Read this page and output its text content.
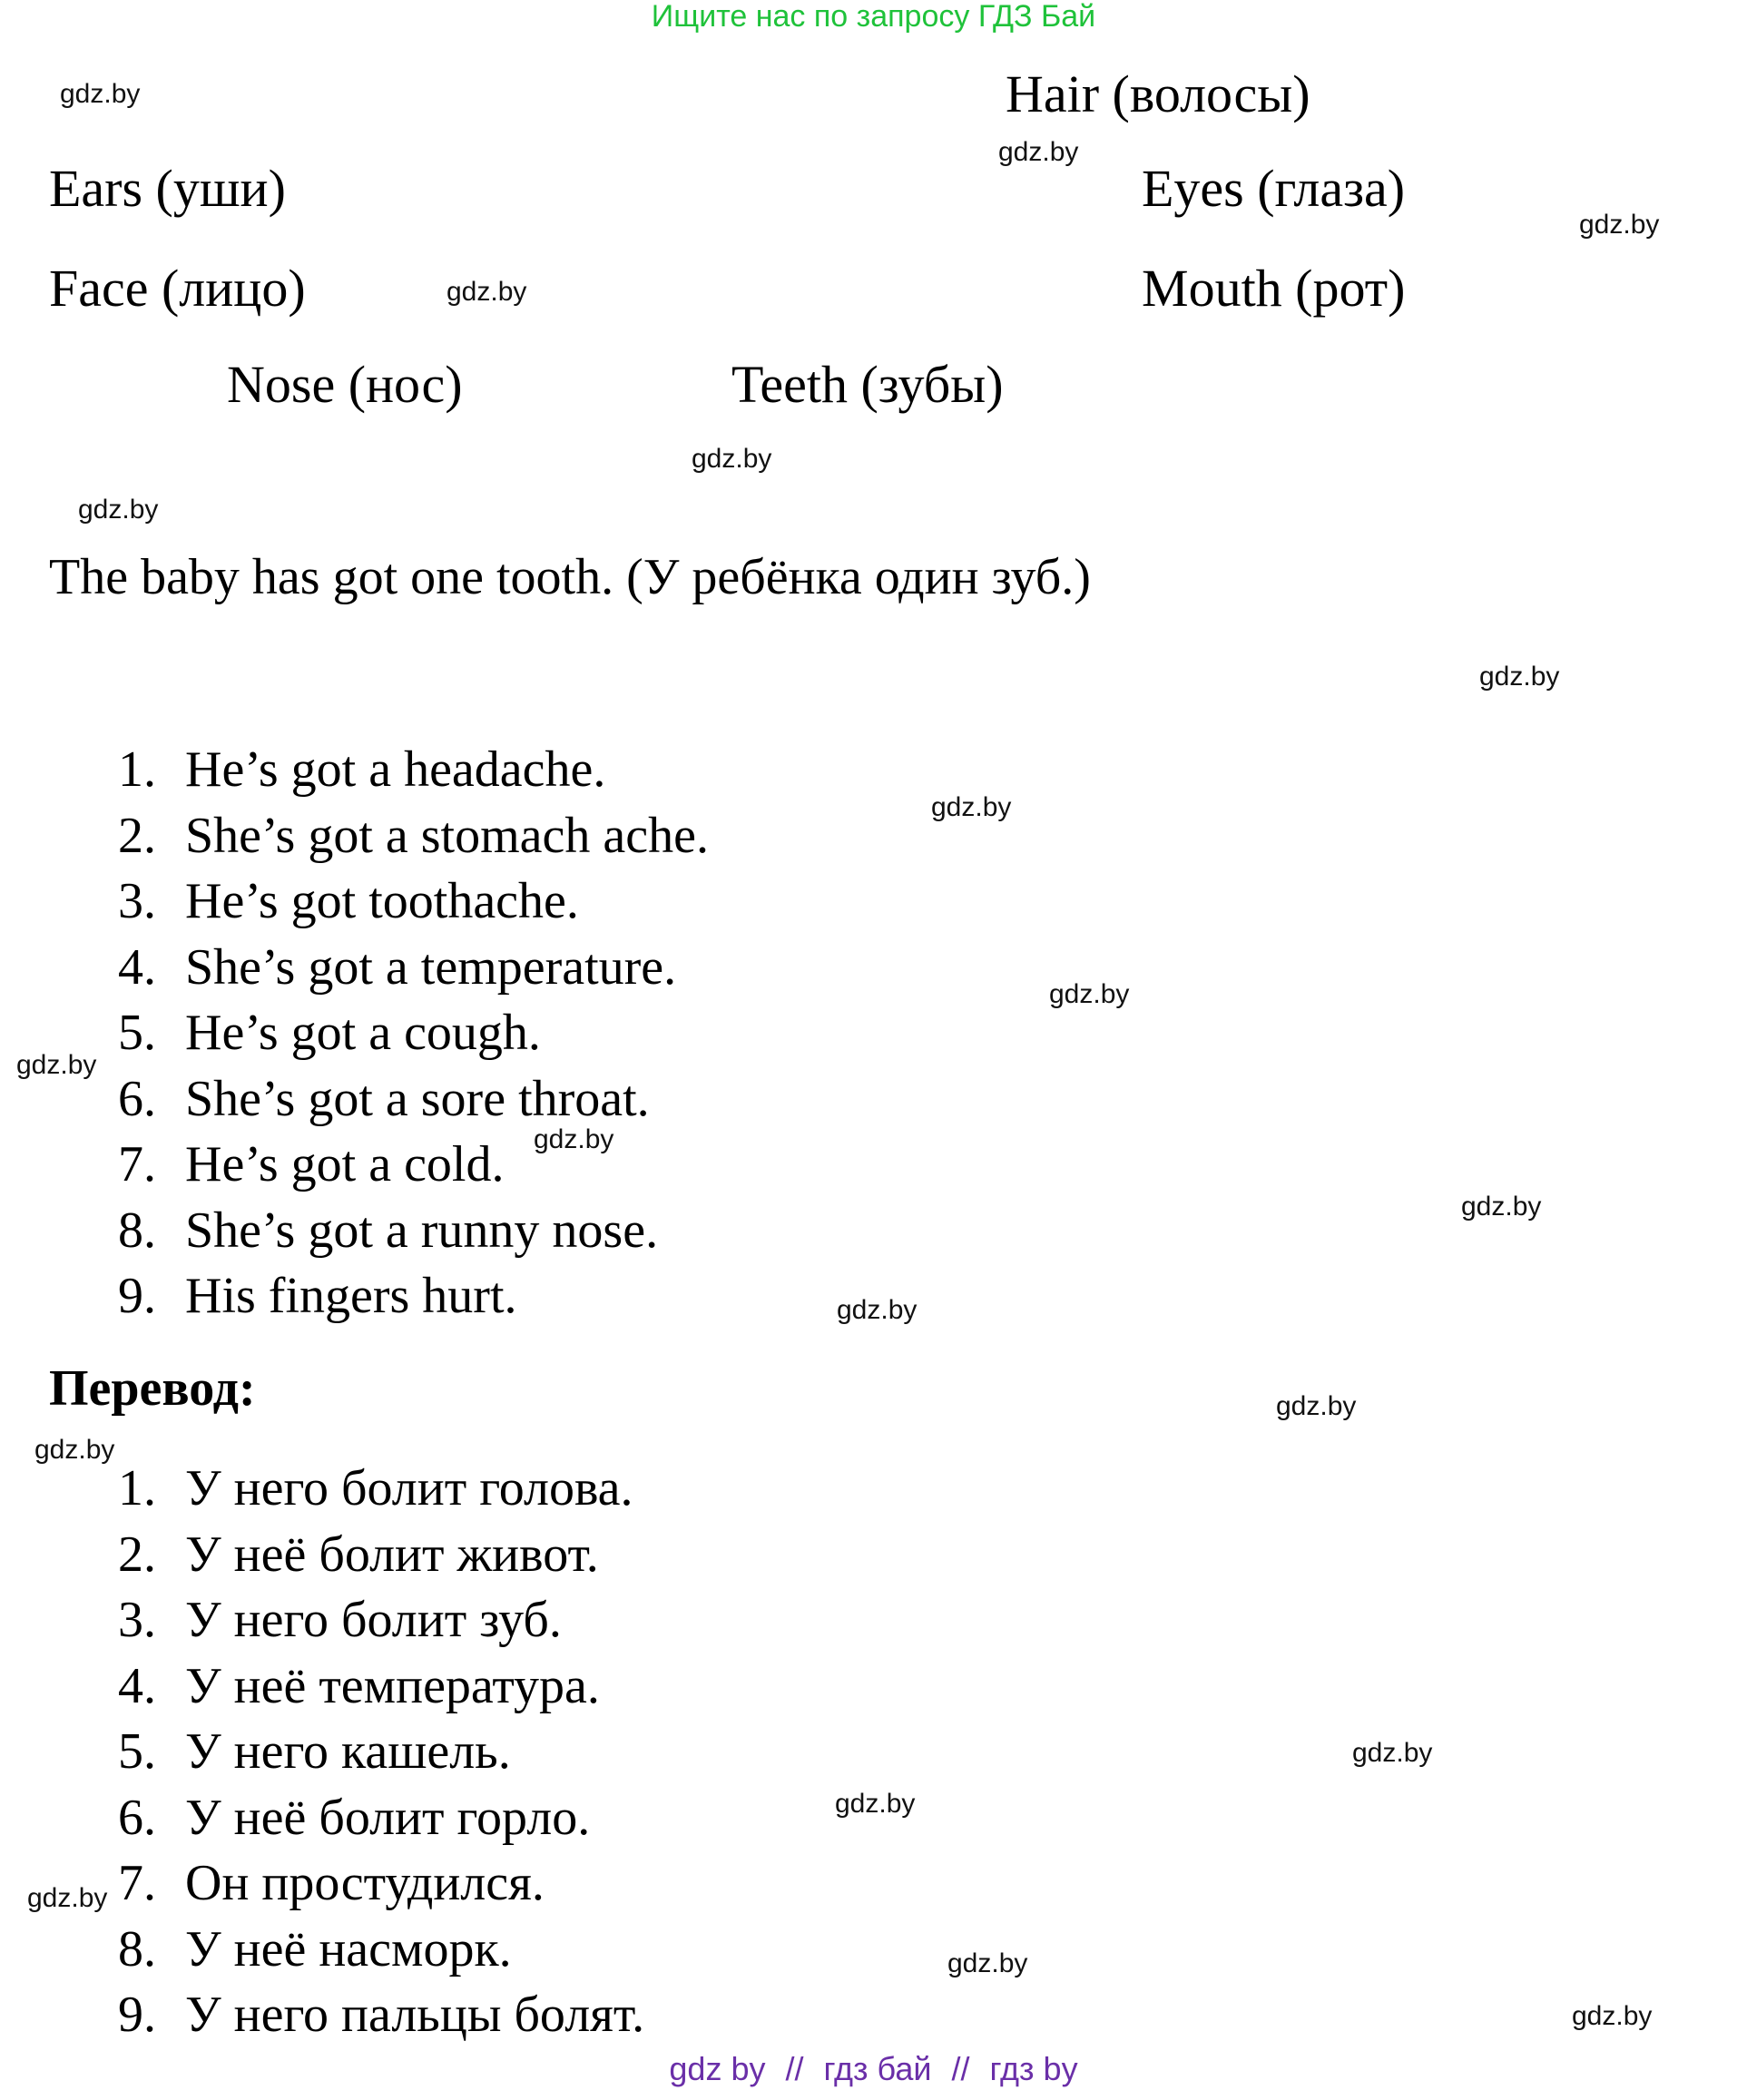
Ищите нас по запросу ГДЗ Бай
Hair (волосы)
Ears (уши)	Eyes (глаза)
Face (лицо)	Mouth (рот)
Nose (нос)	Teeth (зубы)
The baby has got one tooth. (У ребёнка один зуб.)
1. He’s got a headache.
2. She’s got a stomach ache.
3. He’s got toothache.
4. She’s got a temperature.
5. He’s got a cough.
6. She’s got a sore throat.
7. He’s got a cold.
8. She’s got a runny nose.
9. His fingers hurt.
Перевод:
1. У него болит голова.
2. У неё болит живот.
3. У него болит зуб.
4. У неё температура.
5. У него кашель.
6. У неё болит горло.
7. Он простудился.
8. У неё насморк.
9. У него пальцы болят.
gdz.by
gdz.by
gdz.by
gdz.by
gdz.by
gdz.by
gdz.by
gdz.by
gdz.by
gdz.by
gdz.by
gdz.by
gdz.by
gdz.by
gdz.by
gdz.by
gdz.by
gdz.by
gdz.by
gdz.by
gdz by // гдз бай // гдз by
